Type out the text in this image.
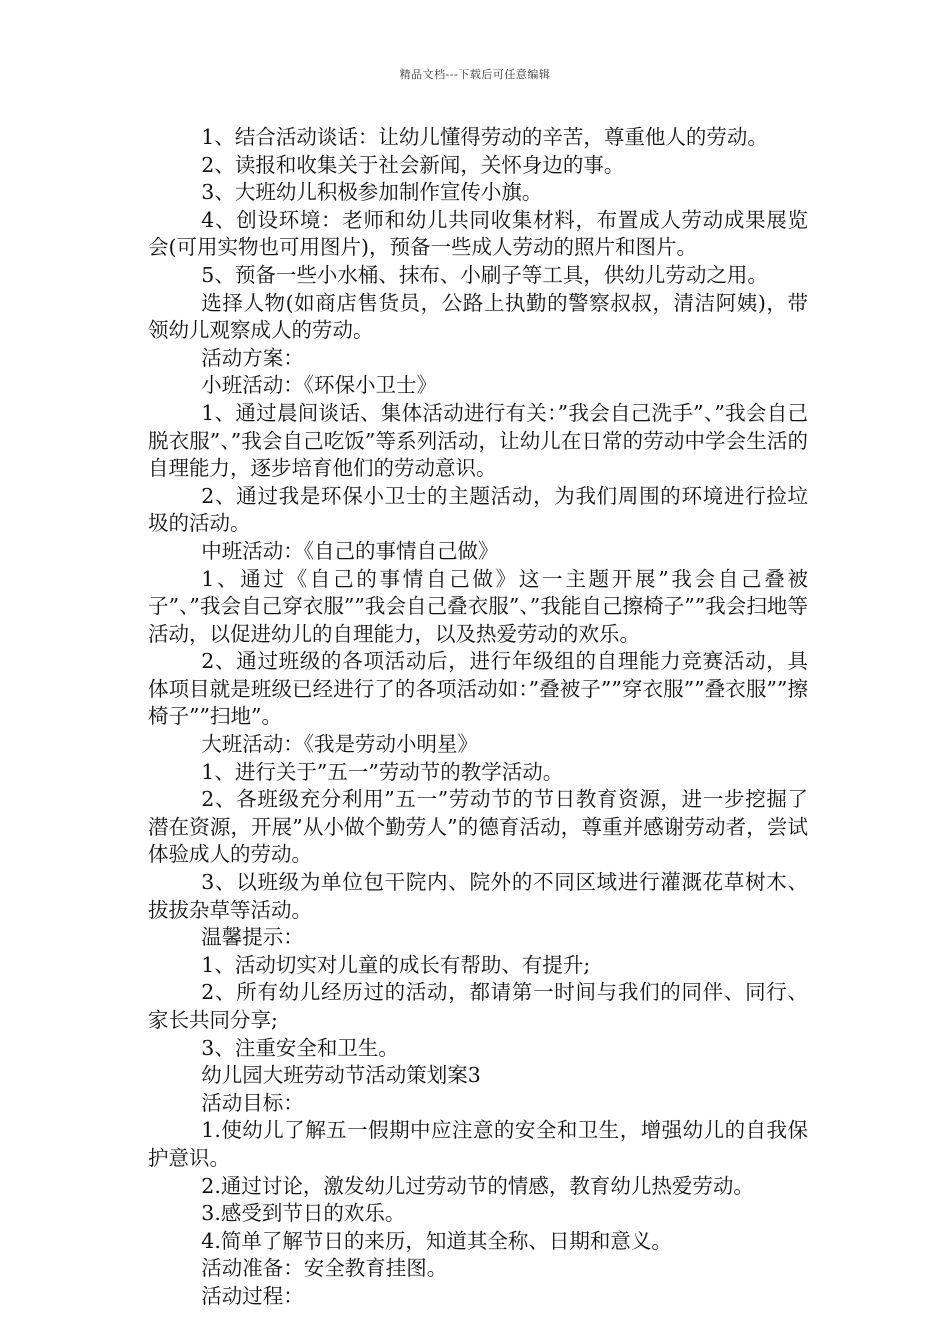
精品文档---下载后可任意编辑

1、结合活动谈话：让幼儿懂得劳动的辛苦，尊重他人的劳动。

2、读报和收集关于社会新闻，关怀身边的事。

3、大班幼儿积极参加制作宣传小旗。

4、创设环境：老师和幼儿共同收集材料，布置成人劳动成果展览会(可用实物也可用图片)，预备一些成人劳动的照片和图片。

5、预备一些小水桶、抹布、小刷子等工具，供幼儿劳动之用。

选择人物(如商店售货员，公路上执勤的警察叔叔，清洁阿姨)，带领幼儿观察成人的劳动。

活动方案：

小班活动：《环保小卫士》

1、通过晨间谈话、集体活动进行有关：”我会自己洗手”、”我会自己脱衣服”、”我会自己吃饭”等系列活动，让幼儿在日常的劳动中学会生活的自理能力，逐步培育他们的劳动意识。

2、通过我是环保小卫士的主题活动，为我们周围的环境进行捡垃圾的活动。

中班活动：《自己的事情自己做》

1、通过《自己的事情自己做》这一主题开展”我会自己叠被子”、”我会自己穿衣服””我会自己叠衣服”、”我能自己擦椅子””我会扫地等活动，以促进幼儿的自理能力，以及热爱劳动的欢乐。

2、通过班级的各项活动后，进行年级组的自理能力竞赛活动，具体项目就是班级已经进行了的各项活动如：”叠被子””穿衣服””叠衣服””擦椅子””扫地”。

大班活动：《我是劳动小明星》

1、进行关于”五一”劳动节的教学活动。

2、各班级充分利用”五一”劳动节的节日教育资源，进一步挖掘了潜在资源，开展”从小做个勤劳人”的德育活动，尊重并感谢劳动者，尝试体验成人的劳动。

3、以班级为单位包干院内、院外的不同区域进行灌溉花草树木、拔拔杂草等活动。

温馨提示：

1、活动切实对儿童的成长有帮助、有提升;

2、所有幼儿经历过的活动，都请第一时间与我们的同伴、同行、家长共同分享;

3、注重安全和卫生。

幼儿园大班劳动节活动策划案3

活动目标：

1.使幼儿了解五一假期中应注意的安全和卫生，增强幼儿的自我保护意识。

2.通过讨论，激发幼儿过劳动节的情感，教育幼儿热爱劳动。

3.感受到节日的欢乐。

4.简单了解节日的来历，知道其全称、日期和意义。

活动准备：安全教育挂图。

活动过程：
